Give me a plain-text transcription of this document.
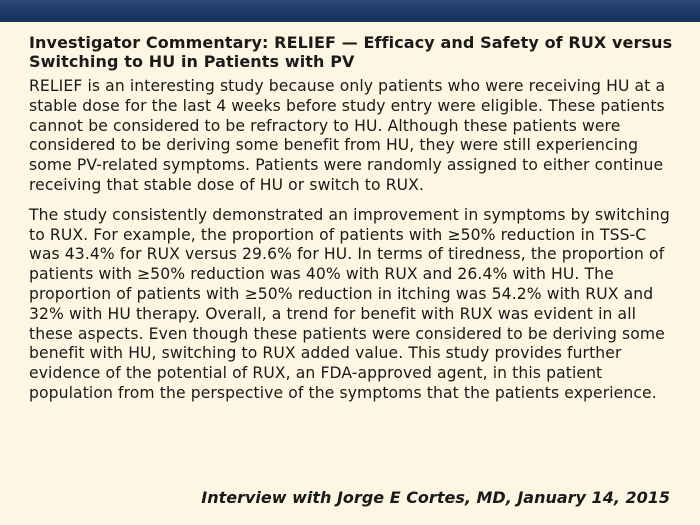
Investigator Commentary: RELIEF — Efficacy and Safety of RUX versus Switching to HU in Patients with PV

RELIEF is an interesting study because only patients who were receiving HU at a stable dose for the last 4 weeks before study entry were eligible. These patients cannot be considered to be refractory to HU. Although these patients were considered to be deriving some benefit from HU, they were still experiencing some PV-related symptoms. Patients were randomly assigned to either continue receiving that stable dose of HU or switch to RUX.

The study consistently demonstrated an improvement in symptoms by switching to RUX. For example, the proportion of patients with ≥50% reduction in TSS-C was 43.4% for RUX versus 29.6% for HU. In terms of tiredness, the proportion of patients with ≥50% reduction was 40% with RUX and 26.4% with HU. The proportion of patients with ≥50% reduction in itching was 54.2% with RUX and 32% with HU therapy. Overall, a trend for benefit with RUX was evident in all these aspects. Even though these patients were considered to be deriving some benefit with HU, switching to RUX added value. This study provides further evidence of the potential of RUX, an FDA-approved agent, in this patient population from the perspective of the symptoms that the patients experience.

Interview with Jorge E Cortes, MD, January 14, 2015
